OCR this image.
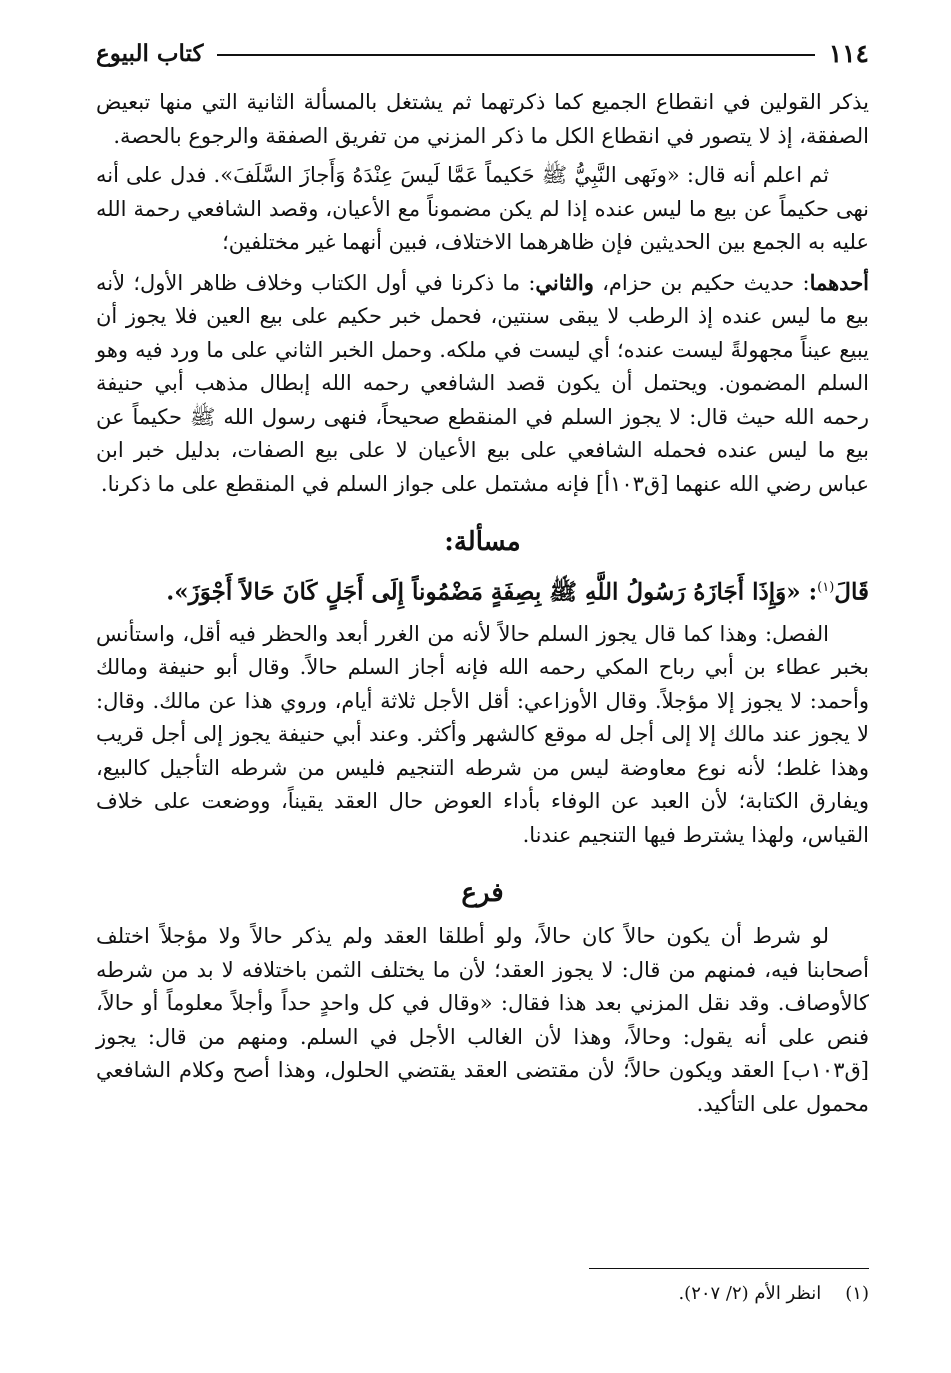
١١٤
كتاب البيوع

يذكر القولين في انقطاع الجميع كما ذكرتهما ثم يشتغل بالمسألة الثانية التي منها تبعيض الصفقة، إذ لا يتصور في انقطاع الكل ما ذكر المزني من تفريق الصفقة والرجوع بالحصة.

ثم اعلم أنه قال: «ونَهى النَّبِيُّ ﷺ حَكيماً عَمَّا لَيسَ عِنْدَهُ وَأَجازَ السَّلَفَ». فدل على أنه نهى حكيماً عن بيع ما ليس عنده إذا لم يكن مضموناً مع الأعيان، وقصد الشافعي رحمة الله عليه به الجمع بين الحديثين فإن ظاهرهما الاختلاف، فبين أنهما غير مختلفين؛

أحدهما: حديث حكيم بن حزام، والثاني: ما ذكرنا في أول الكتاب وخلاف ظاهر الأول؛ لأنه بيع ما ليس عنده إذ الرطب لا يبقى سنتين، فحمل خبر حكيم على بيع العين فلا يجوز أن يبيع عيناً مجهولةً ليست عنده؛ أي ليست في ملكه. وحمل الخبر الثاني على ما ورد فيه وهو السلم المضمون. ويحتمل أن يكون قصد الشافعي رحمه الله إبطال مذهب أبي حنيفة رحمه الله حيث قال: لا يجوز السلم في المنقطع صحيحاً، فنهى رسول الله ﷺ حكيماً عن بيع ما ليس عنده فحمله الشافعي على بيع الأعيان لا على بيع الصفات، بدليل خبر ابن عباس رضي الله عنهما [ق١٠٣أ] فإنه مشتمل على جواز السلم في المنقطع على ما ذكرنا.

مسألة:

قَالَ$^{(١)}$: «وَإِذَا أَجَازَهُ رَسُولُ اللَّهِ ﷺ بِصِفَةٍ مَضْمُوناً إِلَى أَجَلٍ كَانَ حَالاً أَجْوَزَ».

الفصل: وهذا كما قال يجوز السلم حالاً لأنه من الغرر أبعد والحظر فيه أقل، واستأنس بخبر عطاء بن أبي رباح المكي رحمه الله فإنه أجاز السلم حالاً. وقال أبو حنيفة ومالك وأحمد: لا يجوز إلا مؤجلاً. وقال الأوزاعي: أقل الأجل ثلاثة أيام، وروي هذا عن مالك. وقال: لا يجوز عند مالك إلا إلى أجل له موقع كالشهر وأكثر. وعند أبي حنيفة يجوز إلى أجل قريب وهذا غلط؛ لأنه نوع معاوضة ليس من شرطه التنجيم فليس من شرطه التأجيل كالبيع، ويفارق الكتابة؛ لأن العبد عن الوفاء بأداء العوض حال العقد يقيناً، ووضعت على خلاف القياس، ولهذا يشترط فيها التنجيم عندنا.

فرع

لو شرط أن يكون حالاً كان حالاً، ولو أطلقا العقد ولم يذكر حالاً ولا مؤجلاً اختلف أصحابنا فيه، فمنهم من قال: لا يجوز العقد؛ لأن ما يختلف الثمن باختلافه لا بد من شرطه كالأوصاف. وقد نقل المزني بعد هذا فقال: «وقال في كل واحدٍ حداً وأجلاً معلوماً أو حالاً، فنص على أنه يقول: وحالاً، وهذا لأن الغالب الأجل في السلم. ومنهم من قال: يجوز [ق١٠٣ب] العقد ويكون حالاً؛ لأن مقتضى العقد يقتضي الحلول، وهذا أصح وكلام الشافعي محمول على التأكيد.

(١)
انظر الأم (٢/ ٢٠٧).
